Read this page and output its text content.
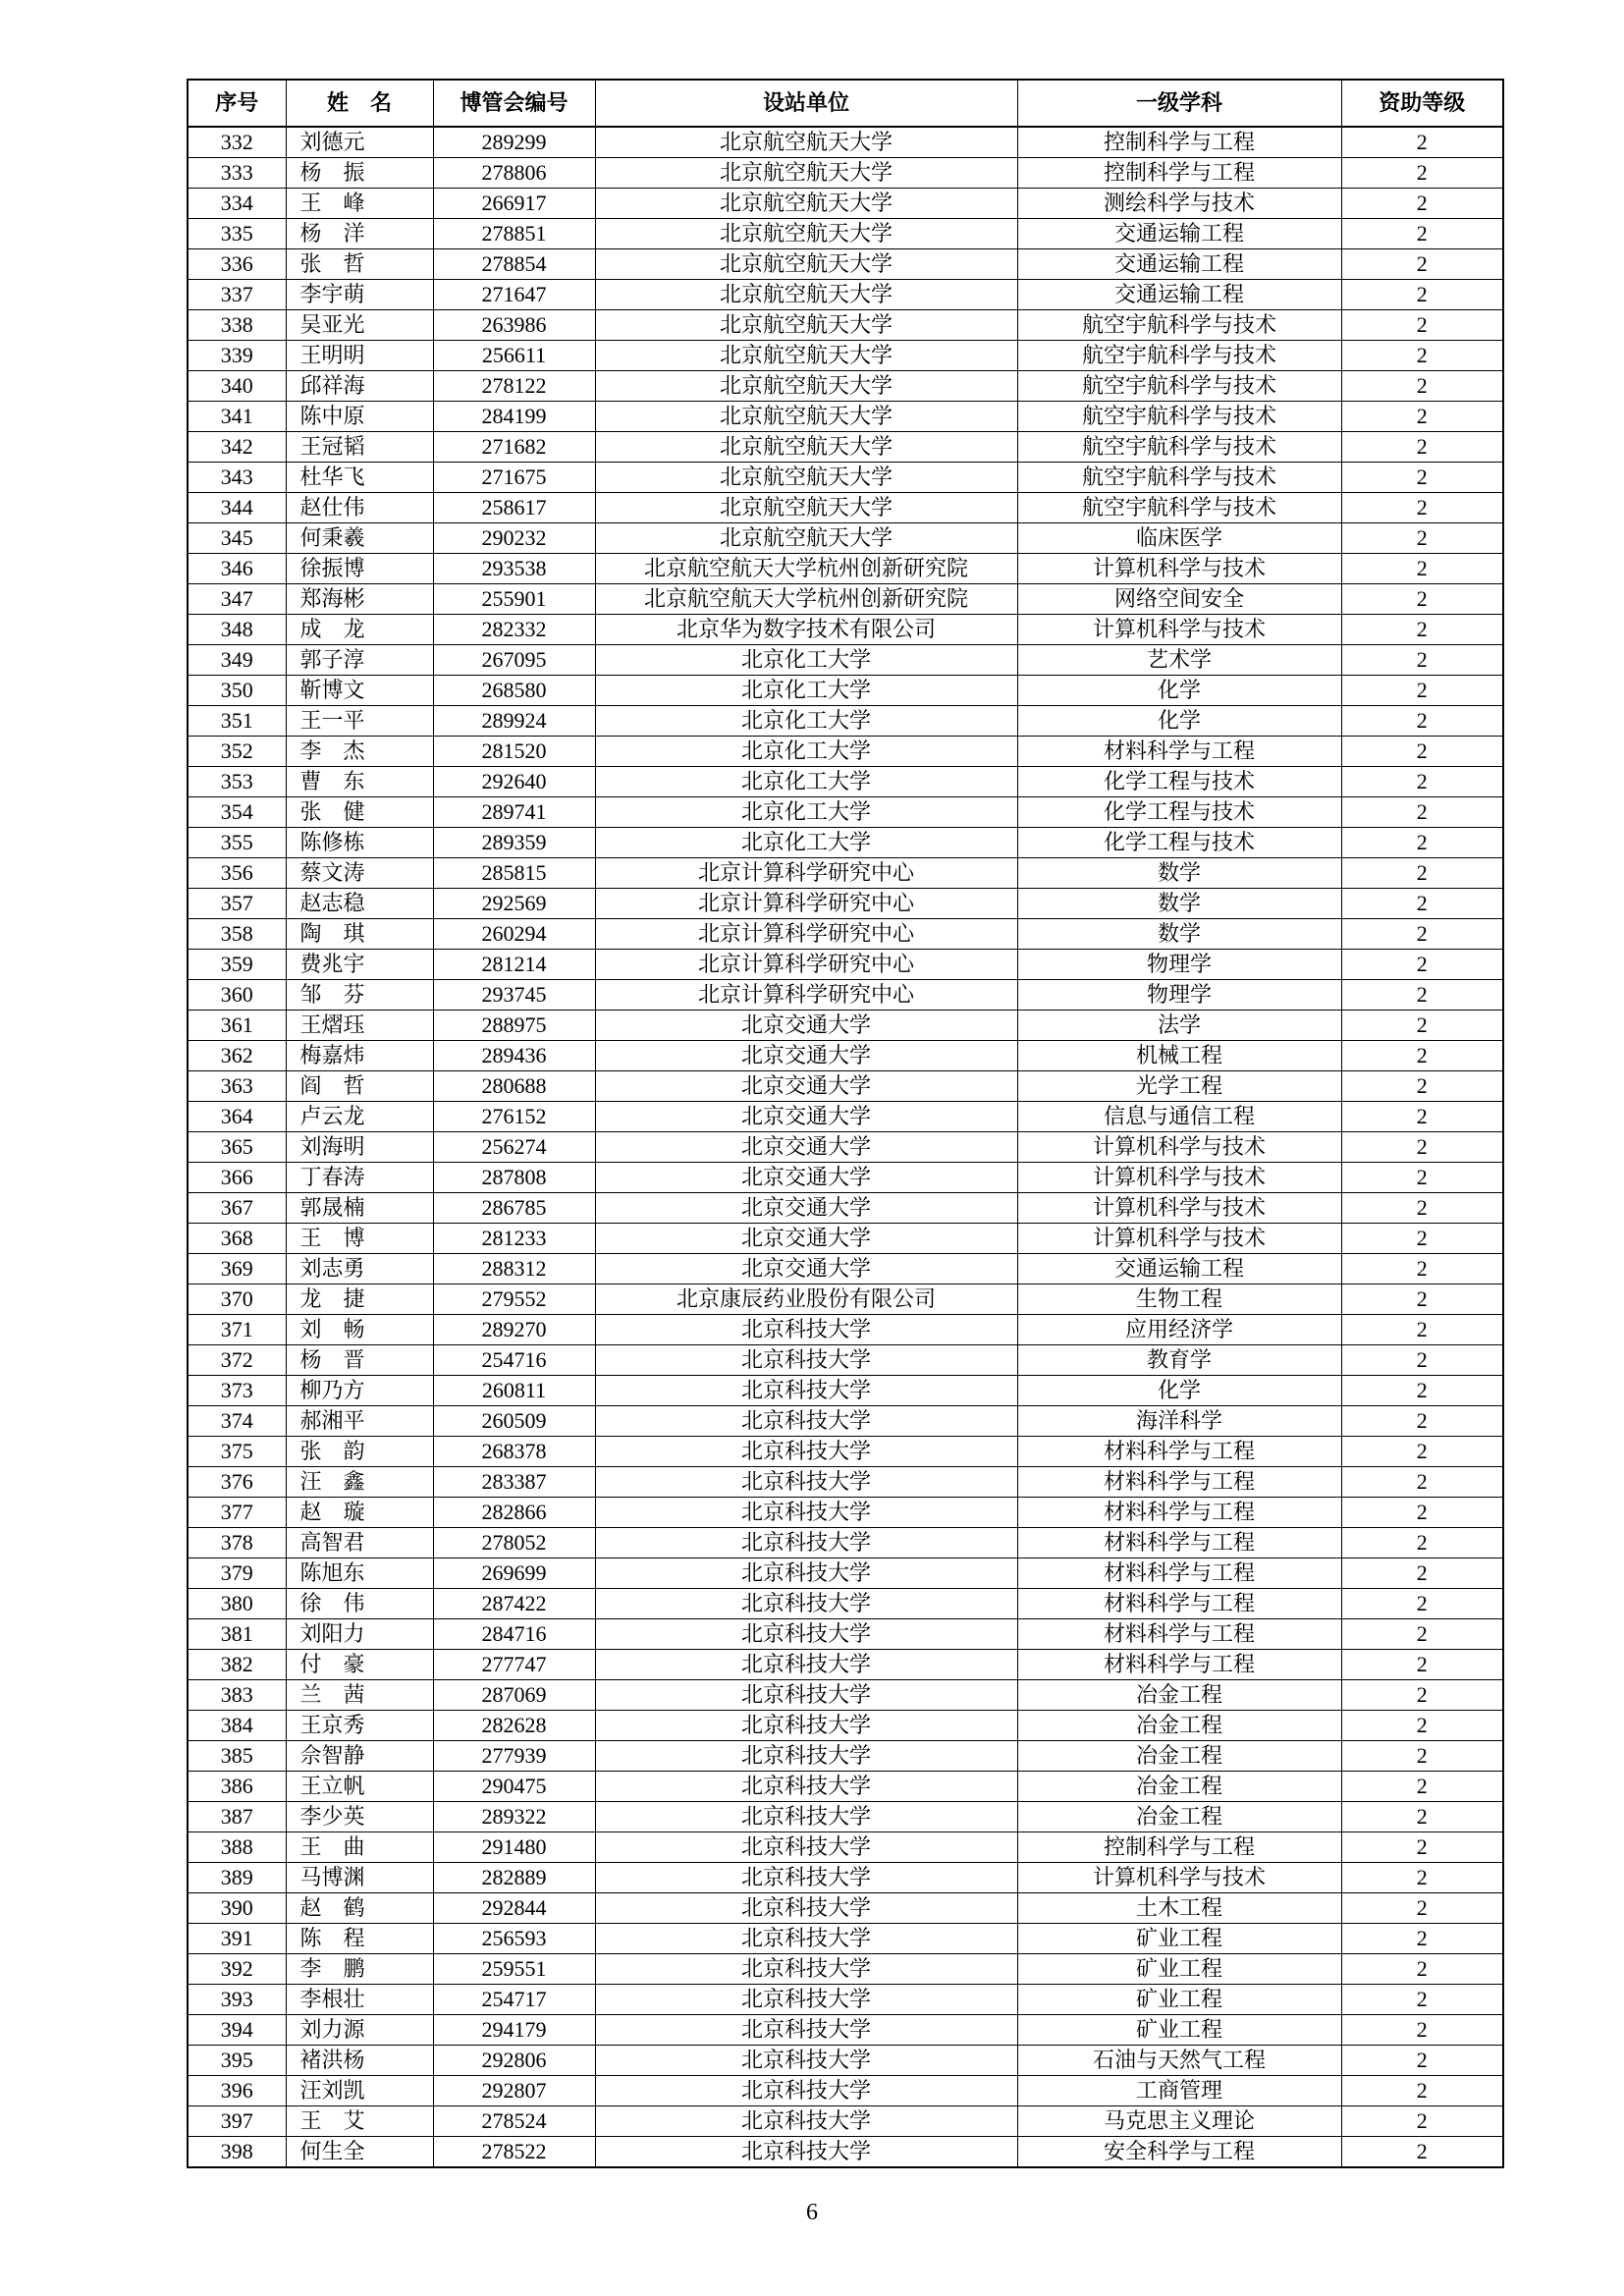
序号	姓　名	博管会编号	设站单位	一级学科	资助等级
332	刘德元	289299	北京航空航天大学	控制科学与工程	2
333	杨　振	278806	北京航空航天大学	控制科学与工程	2
334	王　峰	266917	北京航空航天大学	测绘科学与技术	2
335	杨　洋	278851	北京航空航天大学	交通运输工程	2
336	张　哲	278854	北京航空航天大学	交通运输工程	2
337	李宇萌	271647	北京航空航天大学	交通运输工程	2
338	吴亚光	263986	北京航空航天大学	航空宇航科学与技术	2
339	王明明	256611	北京航空航天大学	航空宇航科学与技术	2
340	邱祥海	278122	北京航空航天大学	航空宇航科学与技术	2
341	陈中原	284199	北京航空航天大学	航空宇航科学与技术	2
342	王冠韬	271682	北京航空航天大学	航空宇航科学与技术	2
343	杜华飞	271675	北京航空航天大学	航空宇航科学与技术	2
344	赵仕伟	258617	北京航空航天大学	航空宇航科学与技术	2
345	何秉羲	290232	北京航空航天大学	临床医学	2
346	徐振博	293538	北京航空航天大学杭州创新研究院	计算机科学与技术	2
347	郑海彬	255901	北京航空航天大学杭州创新研究院	网络空间安全	2
348	成　龙	282332	北京华为数字技术有限公司	计算机科学与技术	2
349	郭子淳	267095	北京化工大学	艺术学	2
350	靳博文	268580	北京化工大学	化学	2
351	王一平	289924	北京化工大学	化学	2
352	李　杰	281520	北京化工大学	材料科学与工程	2
353	曹　东	292640	北京化工大学	化学工程与技术	2
354	张　健	289741	北京化工大学	化学工程与技术	2
355	陈修栋	289359	北京化工大学	化学工程与技术	2
356	蔡文涛	285815	北京计算科学研究中心	数学	2
357	赵志稳	292569	北京计算科学研究中心	数学	2
358	陶　琪	260294	北京计算科学研究中心	数学	2
359	费兆宇	281214	北京计算科学研究中心	物理学	2
360	邹　芬	293745	北京计算科学研究中心	物理学	2
361	王熠珏	288975	北京交通大学	法学	2
362	梅嘉炜	289436	北京交通大学	机械工程	2
363	阎　哲	280688	北京交通大学	光学工程	2
364	卢云龙	276152	北京交通大学	信息与通信工程	2
365	刘海明	256274	北京交通大学	计算机科学与技术	2
366	丁春涛	287808	北京交通大学	计算机科学与技术	2
367	郭晟楠	286785	北京交通大学	计算机科学与技术	2
368	王　博	281233	北京交通大学	计算机科学与技术	2
369	刘志勇	288312	北京交通大学	交通运输工程	2
370	龙　捷	279552	北京康辰药业股份有限公司	生物工程	2
371	刘　畅	289270	北京科技大学	应用经济学	2
372	杨　晋	254716	北京科技大学	教育学	2
373	柳乃方	260811	北京科技大学	化学	2
374	郝湘平	260509	北京科技大学	海洋科学	2
375	张　韵	268378	北京科技大学	材料科学与工程	2
376	汪　鑫	283387	北京科技大学	材料科学与工程	2
377	赵　璇	282866	北京科技大学	材料科学与工程	2
378	高智君	278052	北京科技大学	材料科学与工程	2
379	陈旭东	269699	北京科技大学	材料科学与工程	2
380	徐　伟	287422	北京科技大学	材料科学与工程	2
381	刘阳力	284716	北京科技大学	材料科学与工程	2
382	付　豪	277747	北京科技大学	材料科学与工程	2
383	兰　茜	287069	北京科技大学	冶金工程	2
384	王京秀	282628	北京科技大学	冶金工程	2
385	佘智静	277939	北京科技大学	冶金工程	2
386	王立帆	290475	北京科技大学	冶金工程	2
387	李少英	289322	北京科技大学	冶金工程	2
388	王　曲	291480	北京科技大学	控制科学与工程	2
389	马博渊	282889	北京科技大学	计算机科学与技术	2
390	赵　鹤	292844	北京科技大学	土木工程	2
391	陈　程	256593	北京科技大学	矿业工程	2
392	李　鹏	259551	北京科技大学	矿业工程	2
393	李根壮	254717	北京科技大学	矿业工程	2
394	刘力源	294179	北京科技大学	矿业工程	2
395	褚洪杨	292806	北京科技大学	石油与天然气工程	2
396	汪刘凯	292807	北京科技大学	工商管理	2
397	王　艾	278524	北京科技大学	马克思主义理论	2
398	何生全	278522	北京科技大学	安全科学与工程	2
6
